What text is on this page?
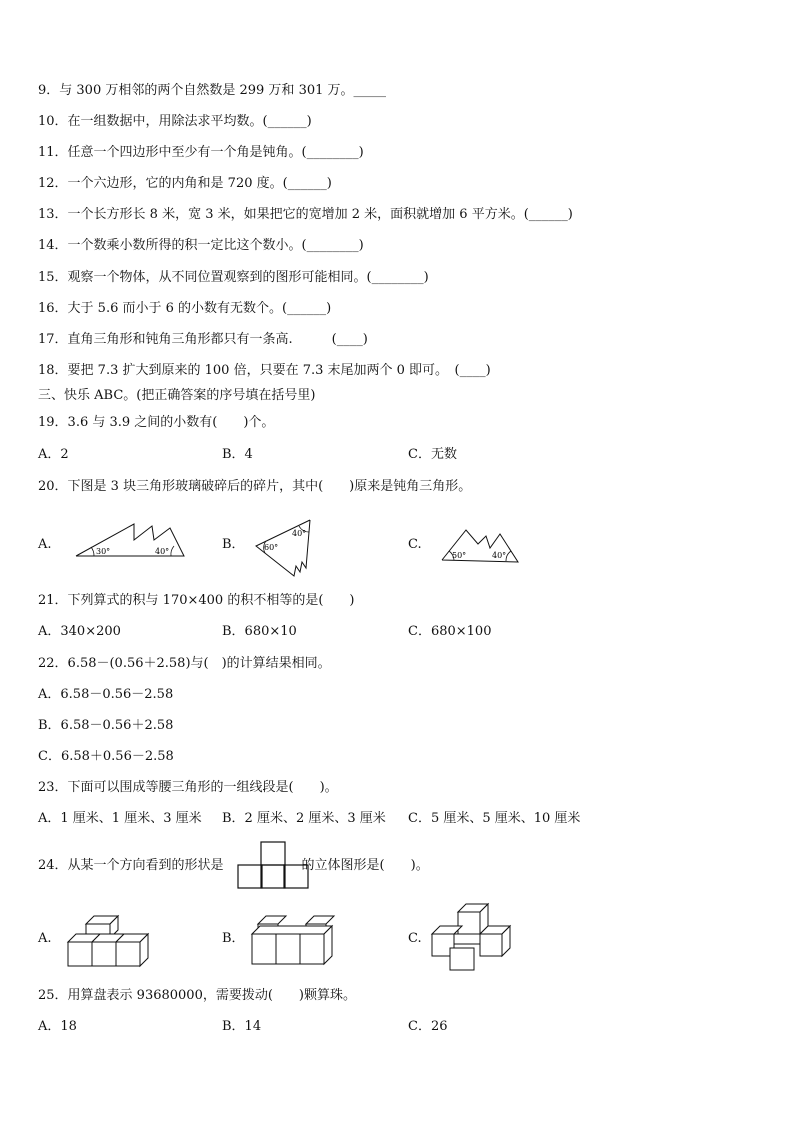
9．与 300 万相邻的两个自然数是 299 万和 301 万。_____
10．在一组数据中，用除法求平均数。(______)
11．任意一个四边形中至少有一个角是钝角。(________)
12．一个六边形，它的内角和是 720 度。(______)
13．一个长方形长 8 米，宽 3 米，如果把它的宽增加 2 米，面积就增加 6 平方米。(______)
14．一个数乘小数所得的积一定比这个数小。(________)
15．观察一个物体，从不同位置观察到的图形可能相同。(________)
16．大于 5.6 而小于 6 的小数有无数个。(______)
17．直角三角形和钝角三角形都只有一条高.　　　(____)
18．要把 7.3 扩大到原来的 100 倍，只要在 7.3 末尾加两个 0 即可。　(____)
三、快乐 ABC。(把正确答案的序号填在括号里)
19．3.6 与 3.9 之间的小数有(　　)个。
A．2	B．4	C．无数
20．下图是 3 块三角形玻璃破碎后的碎片，其中(　　)原来是钝角三角形。
A.	30°	40°	B． 60°
40°
C.
50°	40°
21．下列算式的积与 170×400 的积不相等的是(　　)
A．340×200	B．680×10	C．680×100
22．6.58－(0.56＋2.58)与(　)的计算结果相同。
A．6.58－0.56－2.58
B．6.58－0.56＋2.58
C．6.58＋0.56－2.58
23．下面可以围成等腰三角形的一组线段是(　　)。
A．1 厘米、1 厘米、3 厘米 B．2 厘米、2 厘米、3 厘米 C．5 厘米、5 厘米、10 厘米
24．从某一个方向看到的形状是	的立体图形是(　　)。
A.	B．	C.
25．用算盘表示 93680000，需要拨动(　　)颗算珠。
A．18	B．14	C．26
